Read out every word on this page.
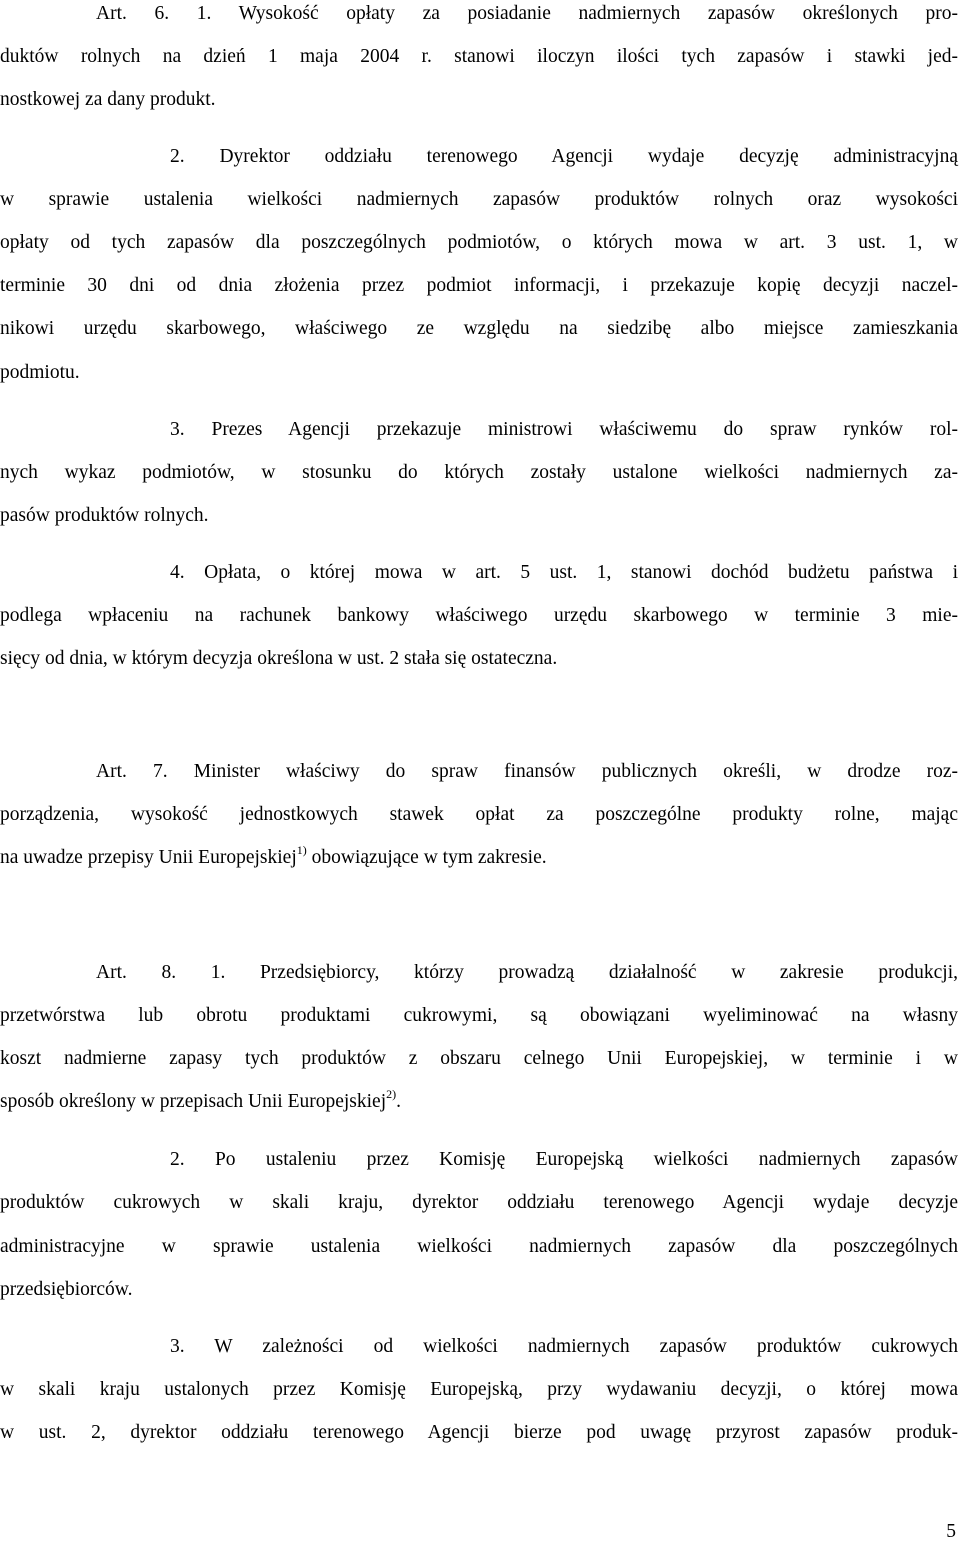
Art. 6. 1. Wysokość opłaty za posiadanie nadmiernych zapasów określonych pro-
duktów rolnych na dzień 1 maja 2004 r. stanowi iloczyn ilości tych zapasów i stawki jed-
nostkowej za dany produkt.
2. Dyrektor oddziału terenowego Agencji wydaje decyzję administracyjną
w sprawie ustalenia wielkości nadmiernych zapasów produktów rolnych oraz wysokości
opłaty od tych zapasów dla poszczególnych podmiotów, o których mowa w art. 3 ust. 1, w
terminie 30 dni od dnia złożenia przez podmiot informacji, i przekazuje kopię decyzji naczel-
nikowi urzędu skarbowego, właściwego ze względu na siedzibę albo miejsce zamieszkania
podmiotu.
3. Prezes Agencji przekazuje ministrowi właściwemu do spraw rynków rol-
nych wykaz podmiotów, w stosunku do których zostały ustalone wielkości nadmiernych za-
pasów produktów rolnych.
4. Opłata, o której mowa w art. 5 ust. 1, stanowi dochód budżetu państwa i
podlega wpłaceniu na rachunek bankowy właściwego urzędu skarbowego w terminie 3 mie-
sięcy od dnia, w którym decyzja określona w ust. 2 stała się ostateczna.
Art. 7. Minister właściwy do spraw finansów publicznych określi, w drodze roz-
porządzenia, wysokość jednostkowych stawek opłat za poszczególne produkty rolne, mając
na uwadze przepisy Unii Europejskiej$^{1)}$ obowiązujące w tym zakresie.
Art. 8. 1. Przedsiębiorcy, którzy prowadzą działalność w zakresie produkcji,
przetwórstwa lub obrotu produktami cukrowymi, są obowiązani wyeliminować na własny
koszt nadmierne zapasy tych produktów z obszaru celnego Unii Europejskiej, w terminie i w
sposób określony w przepisach Unii Europejskiej$^{2)}$.
2. Po ustaleniu przez Komisję Europejską wielkości nadmiernych zapasów
produktów cukrowych w skali kraju, dyrektor oddziału terenowego Agencji wydaje decyzje
administracyjne w sprawie ustalenia wielkości nadmiernych zapasów dla poszczególnych
przedsiębiorców.
3. W zależności od wielkości nadmiernych zapasów produktów cukrowych
w skali kraju ustalonych przez Komisję Europejską, przy wydawaniu decyzji, o której mowa
w ust. 2, dyrektor oddziału terenowego Agencji bierze pod uwagę przyrost zapasów produk-
5
